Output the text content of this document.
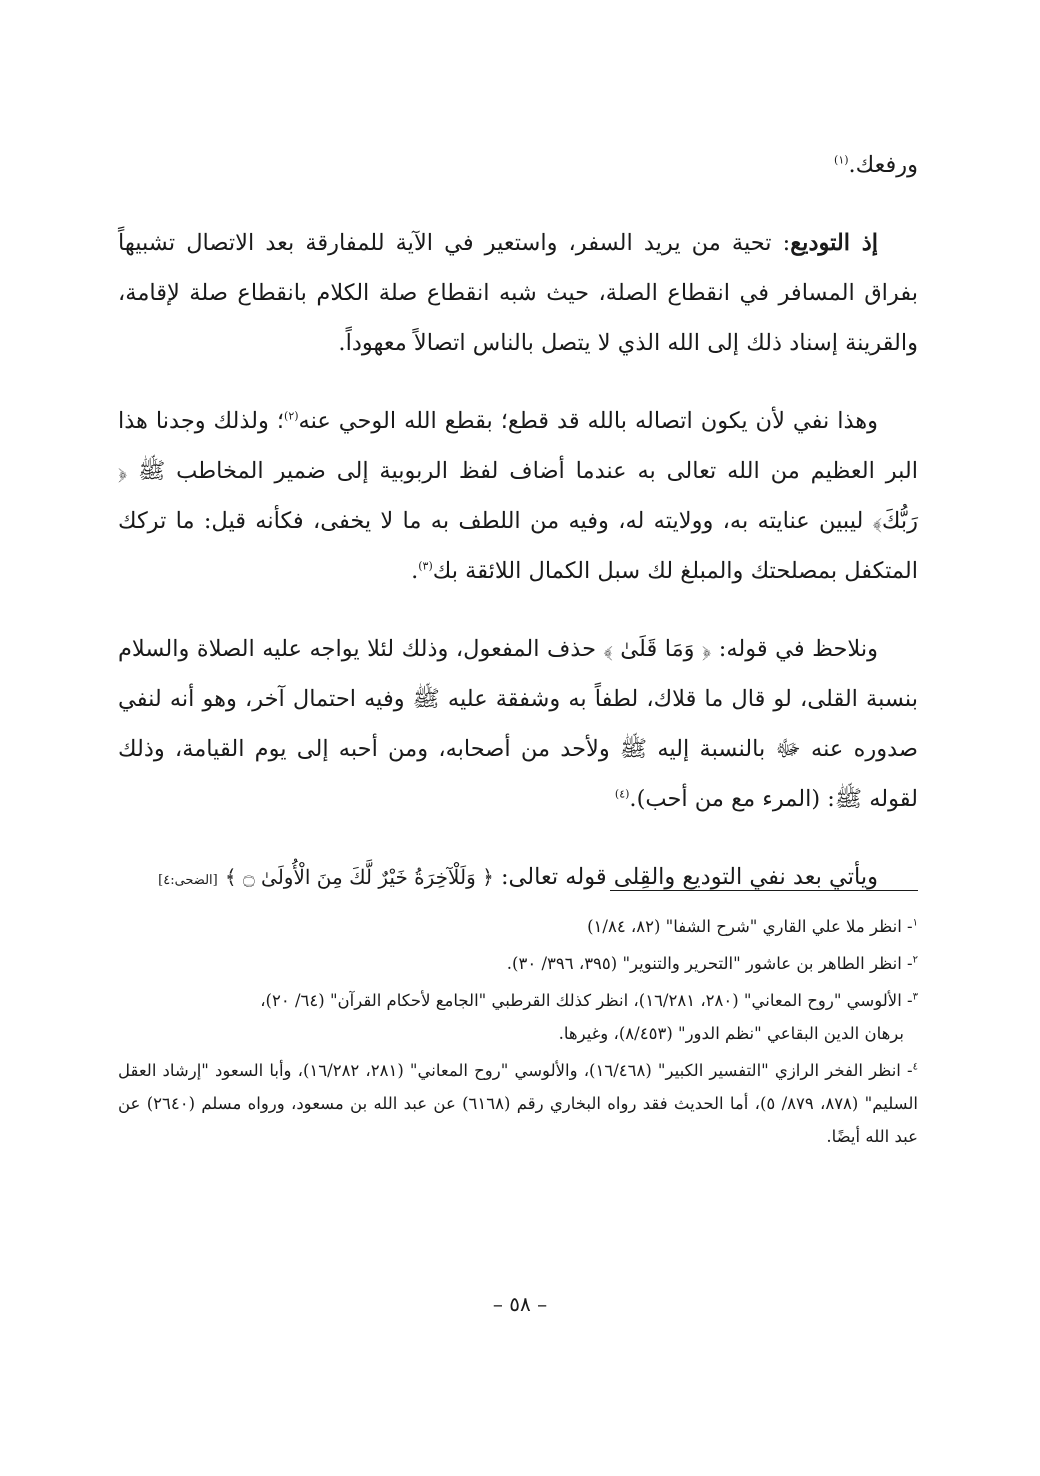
ورفعك.$^{(١)}$

إذ التوديع: تحية من يريد السفر، واستعير في الآية للمفارقة بعد الاتصال تشبيهاً بفراق المسافر في انقطاع الصلة، حيث شبه انقطاع صلة الكلام بانقطاع صلة لإقامة، والقرينة إسناد ذلك إلى الله الذي لا يتصل بالناس اتصالاً معهوداً.

وهذا نفي لأن يكون اتصاله بالله قد قطع؛ بقطع الله الوحي عنه$^{(٢)}$؛ ولذلك وجدنا هذا البر العظيم من الله تعالى به عندما أضاف لفظ الربوبية إلى ضمير المخاطب ﷺ ﴿ رَبُّكَ﴾ ليبين عنايته به، وولايته له، وفيه من اللطف به ما لا يخفى، فكأنه قيل: ما تركك المتكفل بمصلحتك والمبلغ لك سبل الكمال اللائقة بك$^{(٣)}$.

ونلاحظ في قوله: ﴿ وَمَا قَلَىٰ ﴾ حذف المفعول، وذلك لئلا يواجه عليه الصلاة والسلام بنسبة القلى، لو قال ما قلاك، لطفاً به وشفقة عليه ﷺ وفيه احتمال آخر، وهو أنه لنفي صدوره عنه ﷻ بالنسبة إليه ﷺ ولأحد من أصحابه، ومن أحبه إلى يوم القيامة، وذلك لقوله ﷺ: (المرء مع من أحب).$^{(٤)}$

ويأتي بعد نفي التوديع والقِلى قوله تعالى: ﴿ وَلَلْآخِرَةُ خَيْرٌ لَّكَ مِنَ الْأُولَىٰ ۝ ﴾ [الضحى:٤]

$^١$- انظر ملا علي القاري "شرح الشفا" (٨٢، ١/٨٤)

$^٢$- انظر الطاهر بن عاشور "التحرير والتنوير" (٣٩٥، ٣٩٦/ ٣٠).

$^٣$- الألوسي "روح المعاني" (٢٨٠، ١٦/٢٨١)، انظر كذلك القرطبي "الجامع لأحكام القرآن" (٦٤/ ٢٠)،
برهان الدين البقاعي "نظم الدور" (٨/٤٥٣)، وغيرها.

$^٤$- انظر الفخر الرازي "التفسير الكبير" (١٦/٤٦٨)، والألوسي "روح المعاني" (٢٨١، ١٦/٢٨٢)، وأبا السعود "إرشاد العقل السليم" (٨٧٨، ٨٧٩/ ٥)، أما الحديث فقد رواه البخاري رقم (٦١٦٨) عن عبد الله بن مسعود، ورواه مسلم (٢٦٤٠) عن عبد الله أيضًا.

– ٥٨ –
